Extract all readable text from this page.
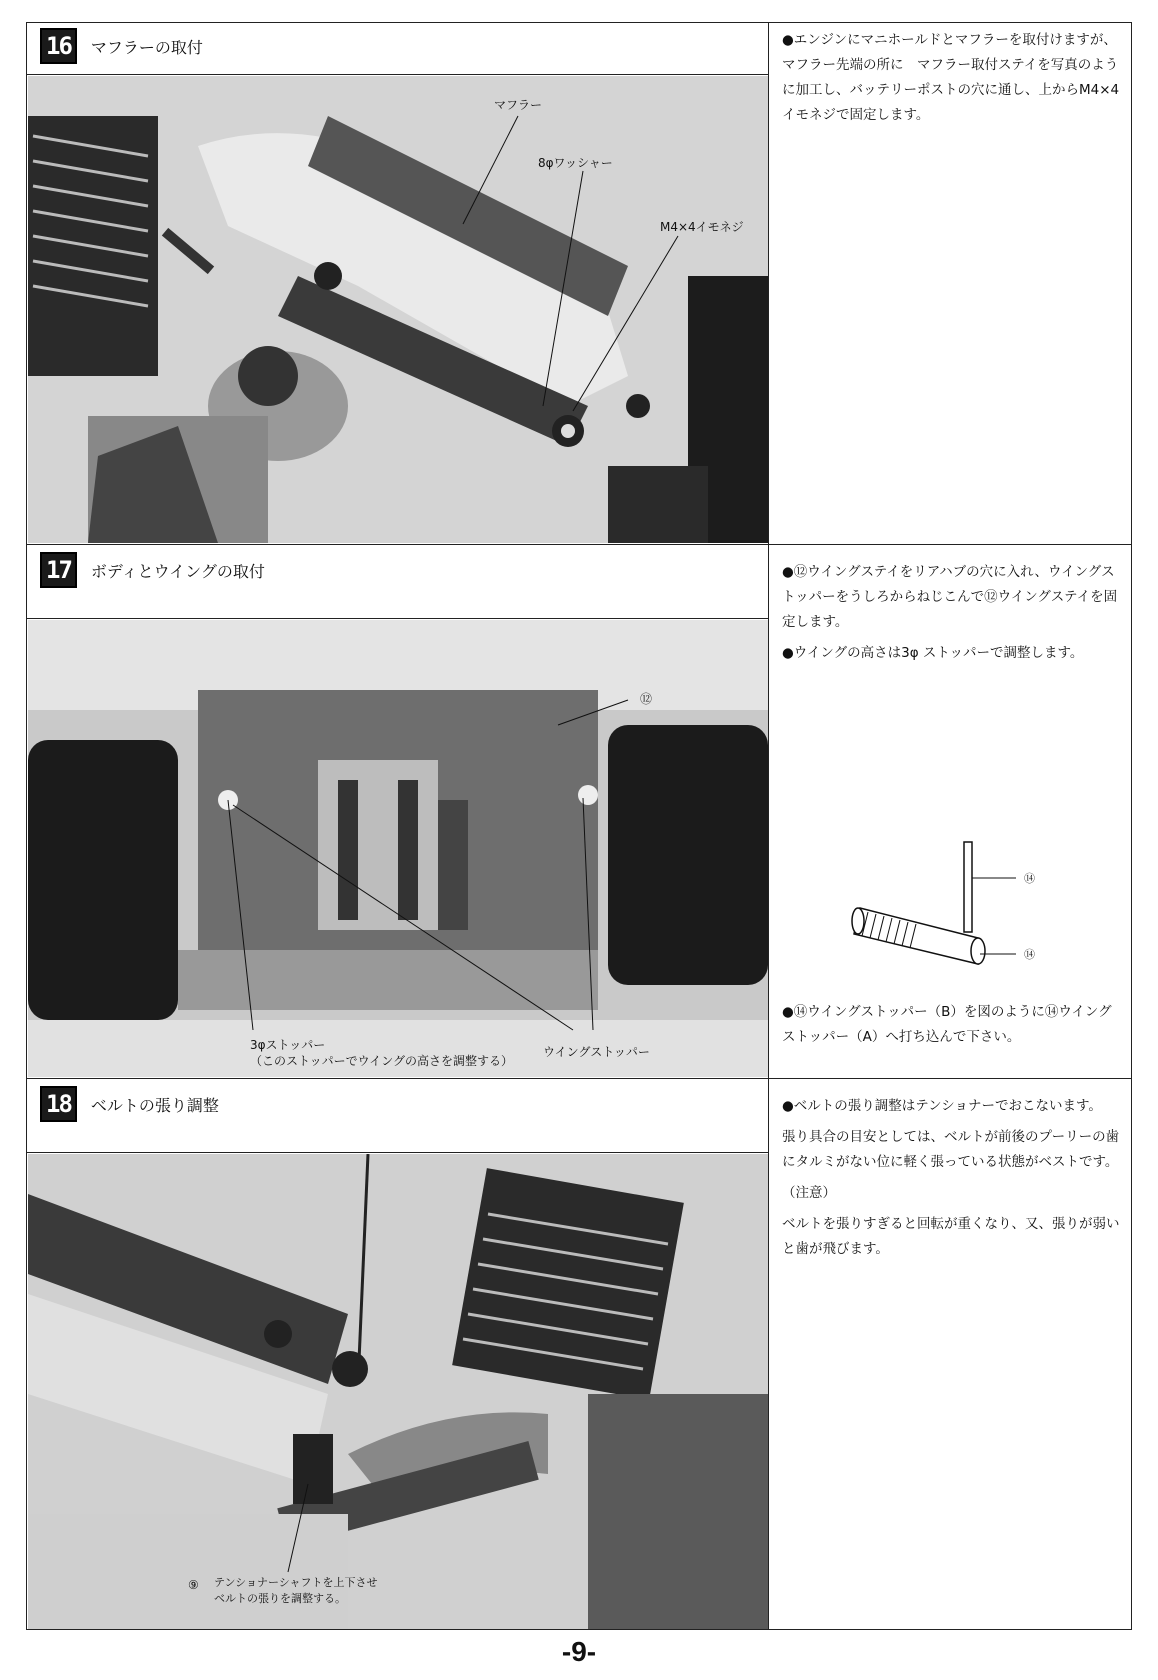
16	マフラーの取付
マフラー
8φワッシャー
M4×4イモネジ

●エンジンにマニホールドとマフラーを取付けますが、マフラー先端の所に　マフラー取付ステイを写真のように加工し、バッテリーポストの穴に通し、上からM4×4 イモネジで固定します。

17	ボディとウイングの取付
⑫
3φストッパー
（このストッパーでウイングの高さを調整する）
ウイングストッパー

●⑫ウイングステイをリアハブの穴に入れ、ウイングストッパーをうしろからねじこんで⑫ウイングステイを固定します。

●ウイングの高さは3φ ストッパーで調整します。

⑭
⑭

●⑭ウイングストッパー（B）を図のように⑭ウイングストッパー（A）へ打ち込んで下さい。

18	ベルトの張り調整
⑨ テンショナーシャフトを上下させ
ベルトの張りを調整する。

●ベルトの張り調整はテンショナーでおこないます。

張り具合の目安としては、ベルトが前後のプーリーの歯にタルミがない位に軽く張っている状態がベストです。

（注意）

ベルトを張りすぎると回転が重くなり、又、張りが弱いと歯が飛びます。

-9-
